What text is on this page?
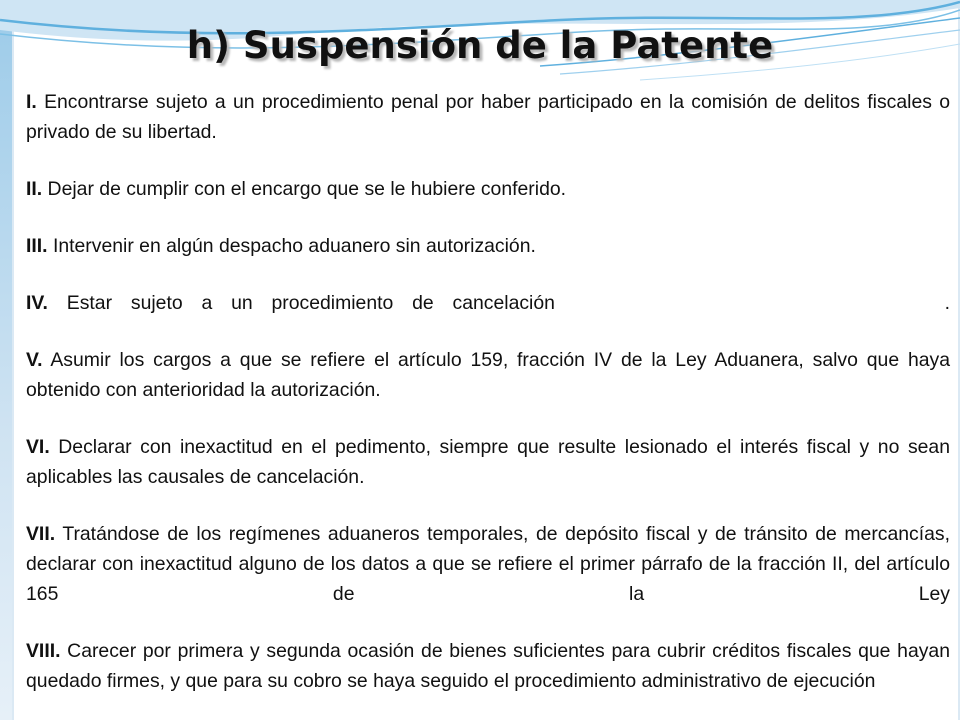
h) Suspensión de la Patente

I. Encontrarse sujeto a un procedimiento penal por haber participado en la comisión de delitos fiscales o privado de su libertad.

II. Dejar de cumplir con el encargo que se le hubiere conferido.

III. Intervenir en algún despacho aduanero sin autorización.

IV. Estar sujeto a un procedimiento de cancelación	.

V. Asumir los cargos a que se refiere el artículo 159, fracción IV de la Ley Aduanera, salvo que haya obtenido con anterioridad la autorización.

VI. Declarar con inexactitud en el pedimento, siempre que resulte lesionado el interés fiscal y no sean aplicables las causales de cancelación.

VII. Tratándose de los regímenes aduaneros temporales, de depósito fiscal y de tránsito de mercancías, declarar con inexactitud alguno de los datos a que se refiere el primer párrafo de la fracción II, del artículo 165 de la Ley

VIII. Carecer por primera y segunda ocasión de bienes suficientes para cubrir créditos fiscales que hayan quedado firmes, y que para su cobro se haya seguido el procedimiento administrativo de ejecución
